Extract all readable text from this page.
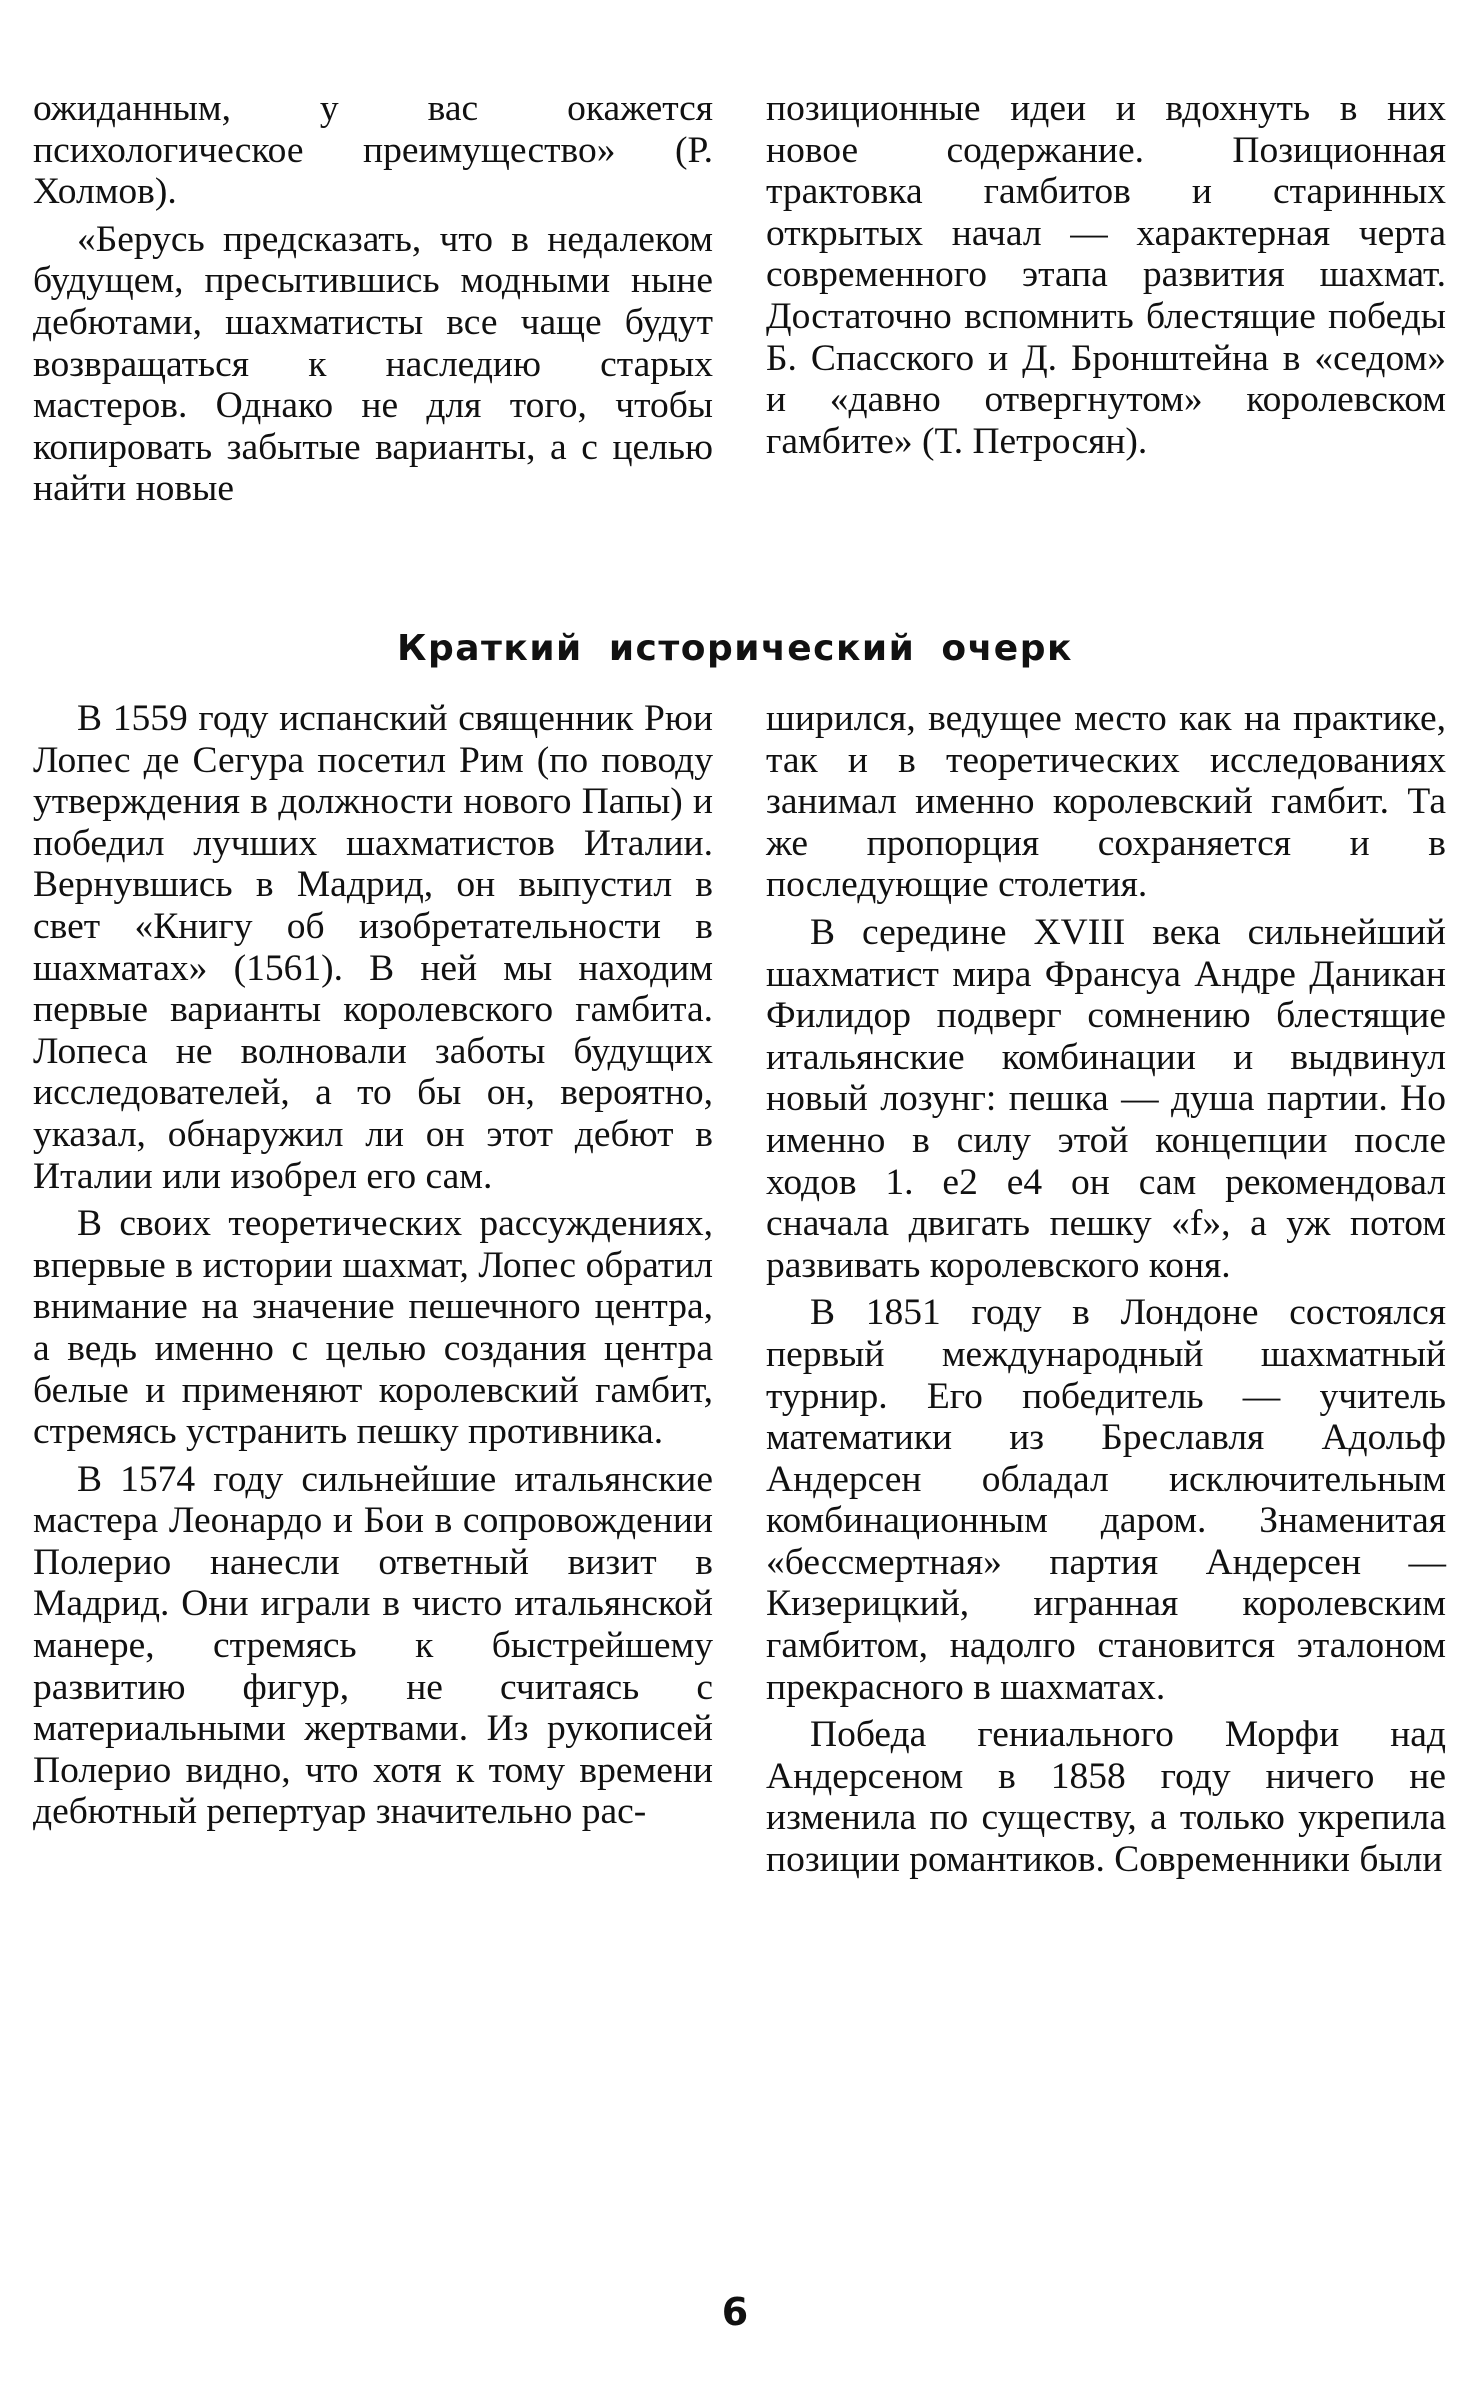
ожиданным, у вас окажется психологическое преимущество» (Р. Холмов).

«Берусь предсказать, что в недалеком будущем, пресытившись модными ныне дебютами, шахматисты все чаще будут возвращаться к наследию старых мастеров. Однако не для того, чтобы копировать забытые варианты, а с целью найти новые

позиционные идеи и вдохнуть в них новое содержание. Позиционная трактовка гамбитов и старинных открытых начал — характерная черта современного этапа развития шахмат. Достаточно вспомнить блестящие победы Б. Спасского и Д. Бронштейна в «седом» и «давно отвергнутом» королевском гамбите» (Т. Петросян).

Краткий исторический очерк

В 1559 году испанский священник Рюи Лопес де Сегура посетил Рим (по поводу утверждения в должности нового Папы) и победил лучших шахматистов Италии. Вернувшись в Мадрид, он выпустил в свет «Книгу об изобретательности в шахматах» (1561). В ней мы находим первые варианты королевского гамбита. Лопеса не волновали заботы будущих исследователей, а то бы он, вероятно, указал, обнаружил ли он этот дебют в Италии или изобрел его сам.

В своих теоретических рассуждениях, впервые в истории шахмат, Лопес обратил внимание на значение пешечного центра, а ведь именно с целью создания центра белые и применяют королевский гамбит, стремясь устранить пешку противника.

В 1574 году сильнейшие итальянские мастера Леонардо и Бои в сопровождении Полерио нанесли ответный визит в Мадрид. Они играли в чисто итальянской манере, стремясь к быстрейшему развитию фигур, не считаясь с материальными жертвами. Из рукописей Полерио видно, что хотя к тому времени дебютный репертуар значительно рас-

ширился, ведущее место как на практике, так и в теоретических исследованиях занимал именно королевский гамбит. Та же пропорция сохраняется и в последующие столетия.

В середине XVIII века сильнейший шахматист мира Франсуа Андре Даникан Филидор подверг сомнению блестящие итальянские комбинации и выдвинул новый лозунг: пешка — душа партии. Но именно в силу этой концепции после ходов 1. e2 e4 он сам рекомендовал сначала двигать пешку «f», а уж потом развивать королевского коня.

В 1851 году в Лондоне состоялся первый международный шахматный турнир. Его победитель — учитель математики из Бреславля Адольф Андерсен обладал исключительным комбинационным даром. Знаменитая «бессмертная» партия Андерсен — Кизерицкий, игранная королевским гамбитом, надолго становится эталоном прекрасного в шахматах.

Победа гениального Морфи над Андерсеном в 1858 году ничего не изменила по существу, а только укрепила позиции романтиков. Современники были

6
